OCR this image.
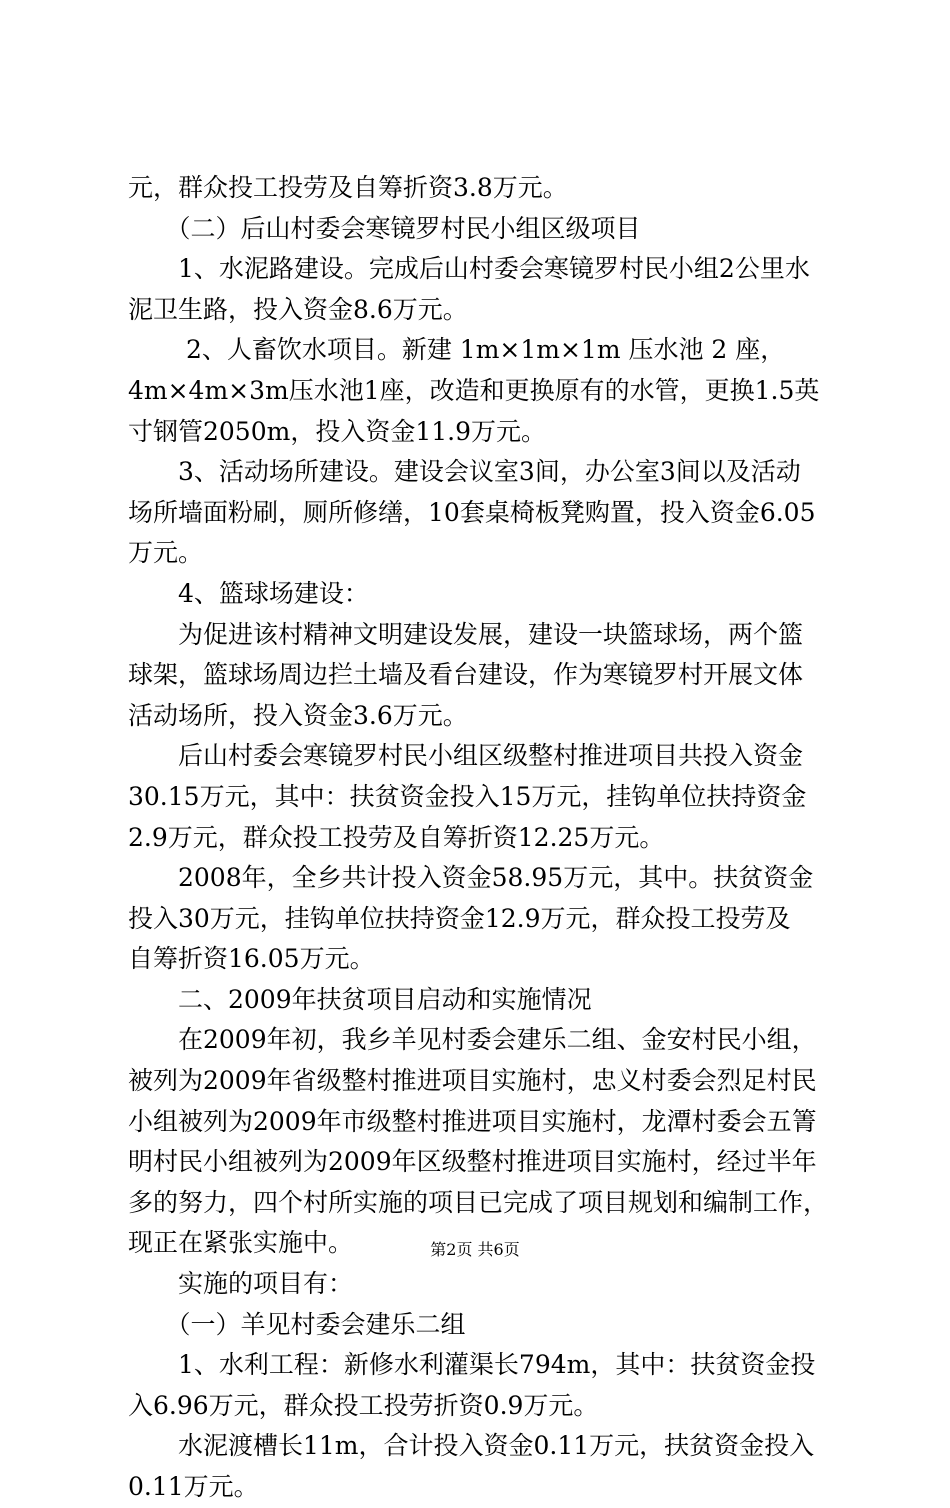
元，群众投工投劳及自筹折资3.8万元。
　　（二）后山村委会寒镜罗村民小组区级项目
　　1、水泥路建设。完成后山村委会寒镜罗村民小组2公里水
泥卫生路，投入资金8.6万元。
　　 2、人畜饮水项目。新建 1m×1m×1m 压水池 2 座，
4m×4m×3m压水池1座，改造和更换原有的水管，更换1.5英
寸钢管2050m，投入资金11.9万元。
　　3、活动场所建设。建设会议室3间，办公室3间以及活动
场所墙面粉刷，厕所修缮，10套桌椅板凳购置，投入资金6.05
万元。
　　4、篮球场建设：
　　为促进该村精神文明建设发展，建设一块篮球场，两个篮
球架，篮球场周边拦土墙及看台建设，作为寒镜罗村开展文体
活动场所，投入资金3.6万元。
　　后山村委会寒镜罗村民小组区级整村推进项目共投入资金
30.15万元，其中：扶贫资金投入15万元，挂钩单位扶持资金
2.9万元，群众投工投劳及自筹折资12.25万元。
　　2008年，全乡共计投入资金58.95万元，其中。扶贫资金
投入30万元，挂钩单位扶持资金12.9万元，群众投工投劳及
自筹折资16.05万元。
　　二、2009年扶贫项目启动和实施情况
　　在2009年初，我乡羊见村委会建乐二组、金安村民小组，
被列为2009年省级整村推进项目实施村，忠义村委会烈足村民
小组被列为2009年市级整村推进项目实施村，龙潭村委会五箐
明村民小组被列为2009年区级整村推进项目实施村，经过半年
多的努力，四个村所实施的项目已完成了项目规划和编制工作，
现正在紧张实施中。
　　实施的项目有：
　　（一）羊见村委会建乐二组
　　1、水利工程：新修水利灌渠长794m，其中：扶贫资金投
入6.96万元，群众投工投劳折资0.9万元。
　　水泥渡槽长11m，合计投入资金0.11万元，扶贫资金投入
0.11万元。
第2页 共6页
